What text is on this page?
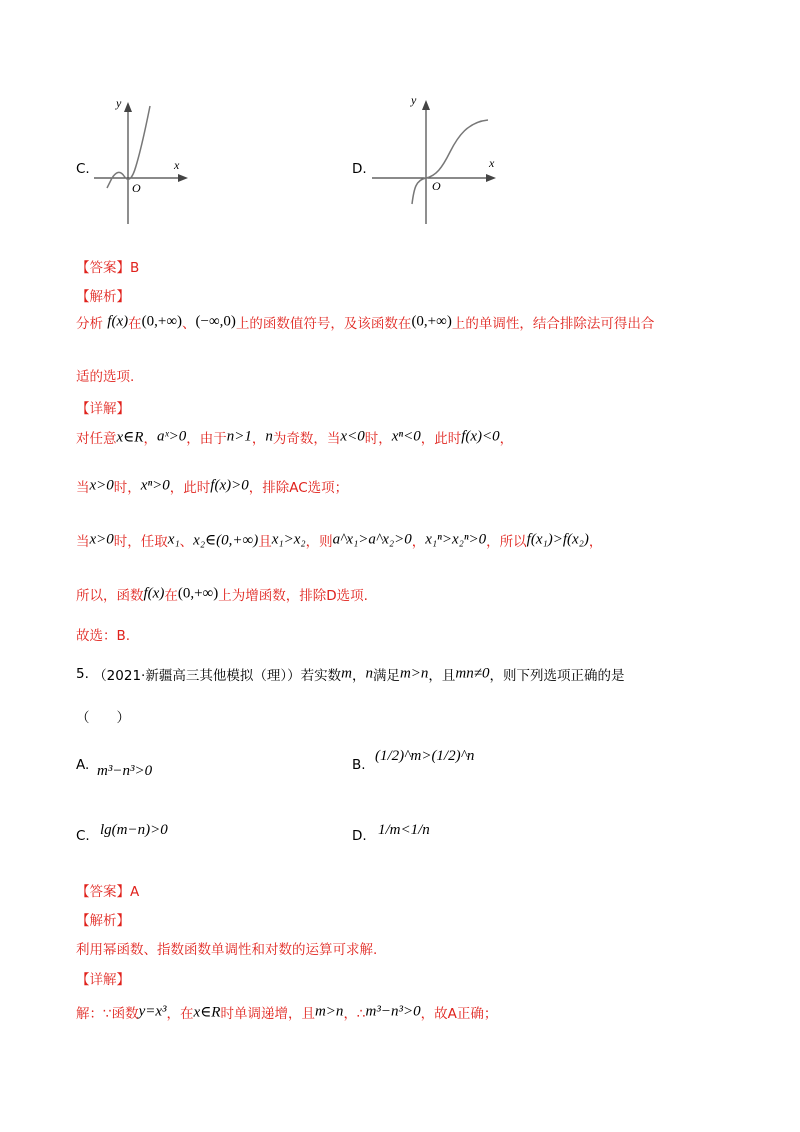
C.
y
x
O
D.
y
x
O
【答案】B
【解析】
分析 f(x)在(0,+∞)、(−∞,0)上的函数值符号，及该函数在(0,+∞)上的单调性，结合排除法可得出合
适的选项.
【详解】
对任意x∈R，aˣ>0，由于n>1，n为奇数，当x<0时，xⁿ<0，此时f(x)<0，
当x>0时，xⁿ>0，此时f(x)>0，排除AC选项；
当x>0时，任取x₁、x₂∈(0,+∞)且x₁>x₂，则a^x₁>a^x₂>0，x₁ⁿ>x₂ⁿ>0，所以f(x₁)>f(x₂)，
所以，函数f(x)在(0,+∞)上为增函数，排除D选项.
故选：B.
5. （2021·新疆高三其他模拟（理））若实数m，n满足m>n，且mn≠0，则下列选项正确的是
（　　）
A. m³−n³>0	B.
(1/2)^m>(1/2)^n
C. lg(m−n)>0	D. 1/m<1/n
【答案】A
【解析】
利用幂函数、指数函数单调性和对数的运算可求解.
【详解】
解：∵函数y=x³，在x∈R时单调递增，且m>n，∴m³−n³>0，故A正确；
